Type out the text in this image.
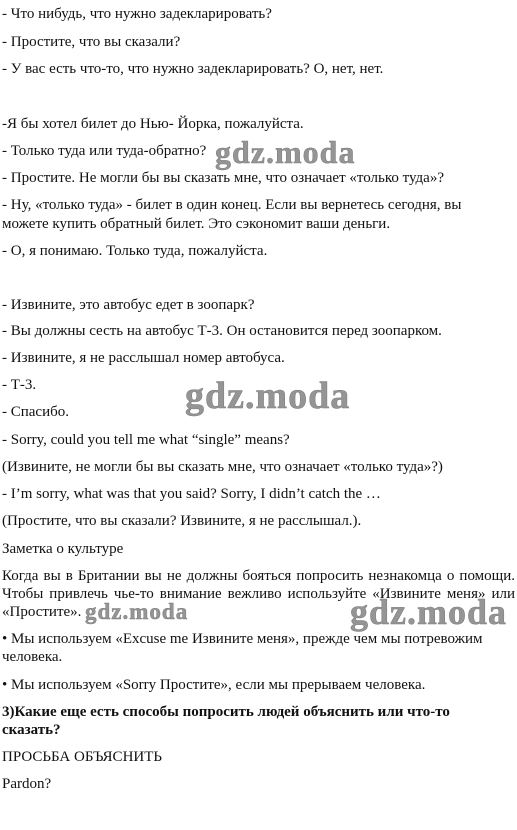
- Что нибудь, что нужно задекларировать?
- Простите, что вы сказали?
- У вас есть что-то, что нужно задекларировать? О, нет, нет.
-Я бы хотел билет до Нью- Йорка, пожалуйста.
- Только туда или туда-обратно?
- Простите. Не могли бы вы сказать мне, что означает «только туда»?
- Ну, «только туда» - билет в один конец. Если вы вернетесь сегодня, вы
можете купить обратный билет. Это сэкономит ваши деньги.
- О, я понимаю. Только туда, пожалуйста.
- Извините, это автобус едет в зоопарк?
- Вы должны сесть на автобус Т-3. Он остановится перед зоопарком.
- Извините, я не расслышал номер автобуса.
- Т-3.
- Спасибо.
- Sorry, could you tell me what “single” means?
(Извините, не могли бы вы сказать мне, что означает «только туда»?)
- I’m sorry, what was that you said? Sorry, I didn’t catch the …
(Простите, что вы сказали? Извините, я не расслышал.).
Заметка о культуре
Когда вы в Британии вы не должны бояться попросить незнакомца о помощи.
Чтобы привлечь чье-то внимание вежливо используйте «Извините меня» или
«Простите».
• Мы используем «Excuse me Извините меня», прежде чем мы потревожим
человека.
• Мы используем «Sorry Простите», если мы прерываем человека.
3)Какие еще есть способы попросить людей объяснить или что-то
сказать?
ПРОСЬБА ОБЪЯСНИТЬ
Pardon?
gdz.moda
gdz.moda
gdz.moda	gdz.moda
